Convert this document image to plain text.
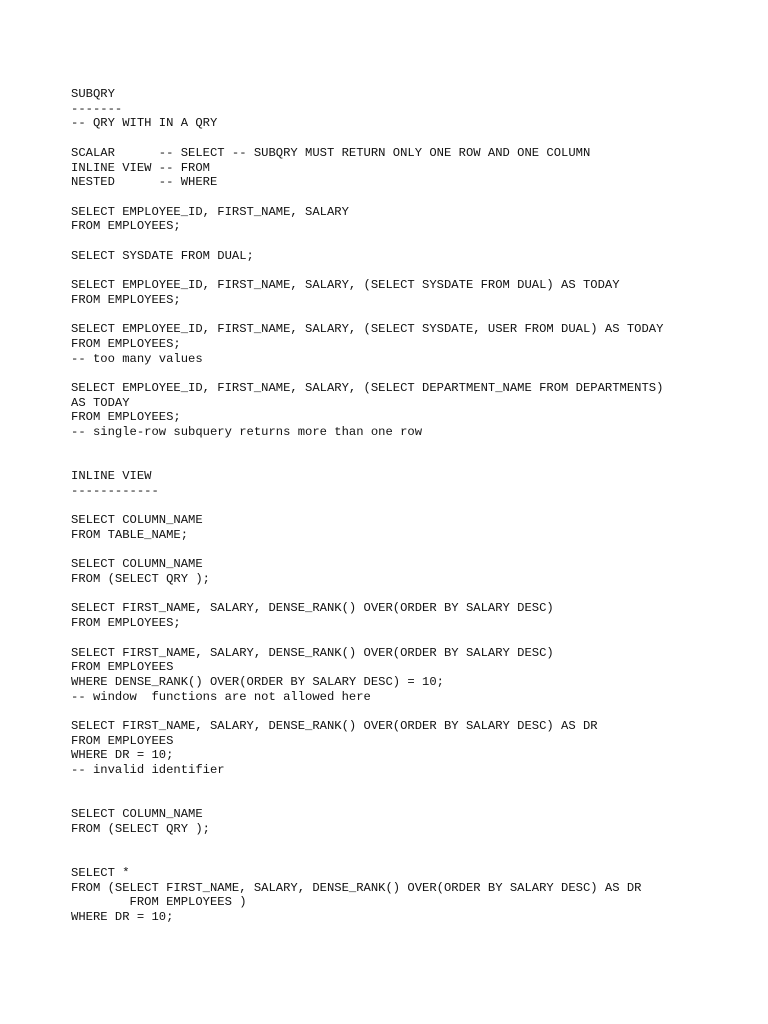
SUBQRY
-------
-- QRY WITH IN A QRY
SCALAR      -- SELECT -- SUBQRY MUST RETURN ONLY ONE ROW AND ONE COLUMN
INLINE VIEW -- FROM
NESTED      -- WHERE
SELECT EMPLOYEE_ID, FIRST_NAME, SALARY
FROM EMPLOYEES;
SELECT SYSDATE FROM DUAL;
SELECT EMPLOYEE_ID, FIRST_NAME, SALARY, (SELECT SYSDATE FROM DUAL) AS TODAY
FROM EMPLOYEES;
SELECT EMPLOYEE_ID, FIRST_NAME, SALARY, (SELECT SYSDATE, USER FROM DUAL) AS TODAY
FROM EMPLOYEES;
-- too many values
SELECT EMPLOYEE_ID, FIRST_NAME, SALARY, (SELECT DEPARTMENT_NAME FROM DEPARTMENTS)
AS TODAY
FROM EMPLOYEES;
-- single-row subquery returns more than one row
INLINE VIEW
------------
SELECT COLUMN_NAME
FROM TABLE_NAME;
SELECT COLUMN_NAME
FROM (SELECT QRY );
SELECT FIRST_NAME, SALARY, DENSE_RANK() OVER(ORDER BY SALARY DESC)
FROM EMPLOYEES;
SELECT FIRST_NAME, SALARY, DENSE_RANK() OVER(ORDER BY SALARY DESC)
FROM EMPLOYEES
WHERE DENSE_RANK() OVER(ORDER BY SALARY DESC) = 10;
-- window  functions are not allowed here
SELECT FIRST_NAME, SALARY, DENSE_RANK() OVER(ORDER BY SALARY DESC) AS DR
FROM EMPLOYEES
WHERE DR = 10;
-- invalid identifier
SELECT COLUMN_NAME
FROM (SELECT QRY );
SELECT *
FROM (SELECT FIRST_NAME, SALARY, DENSE_RANK() OVER(ORDER BY SALARY DESC) AS DR
FROM EMPLOYEES )
WHERE DR = 10;
